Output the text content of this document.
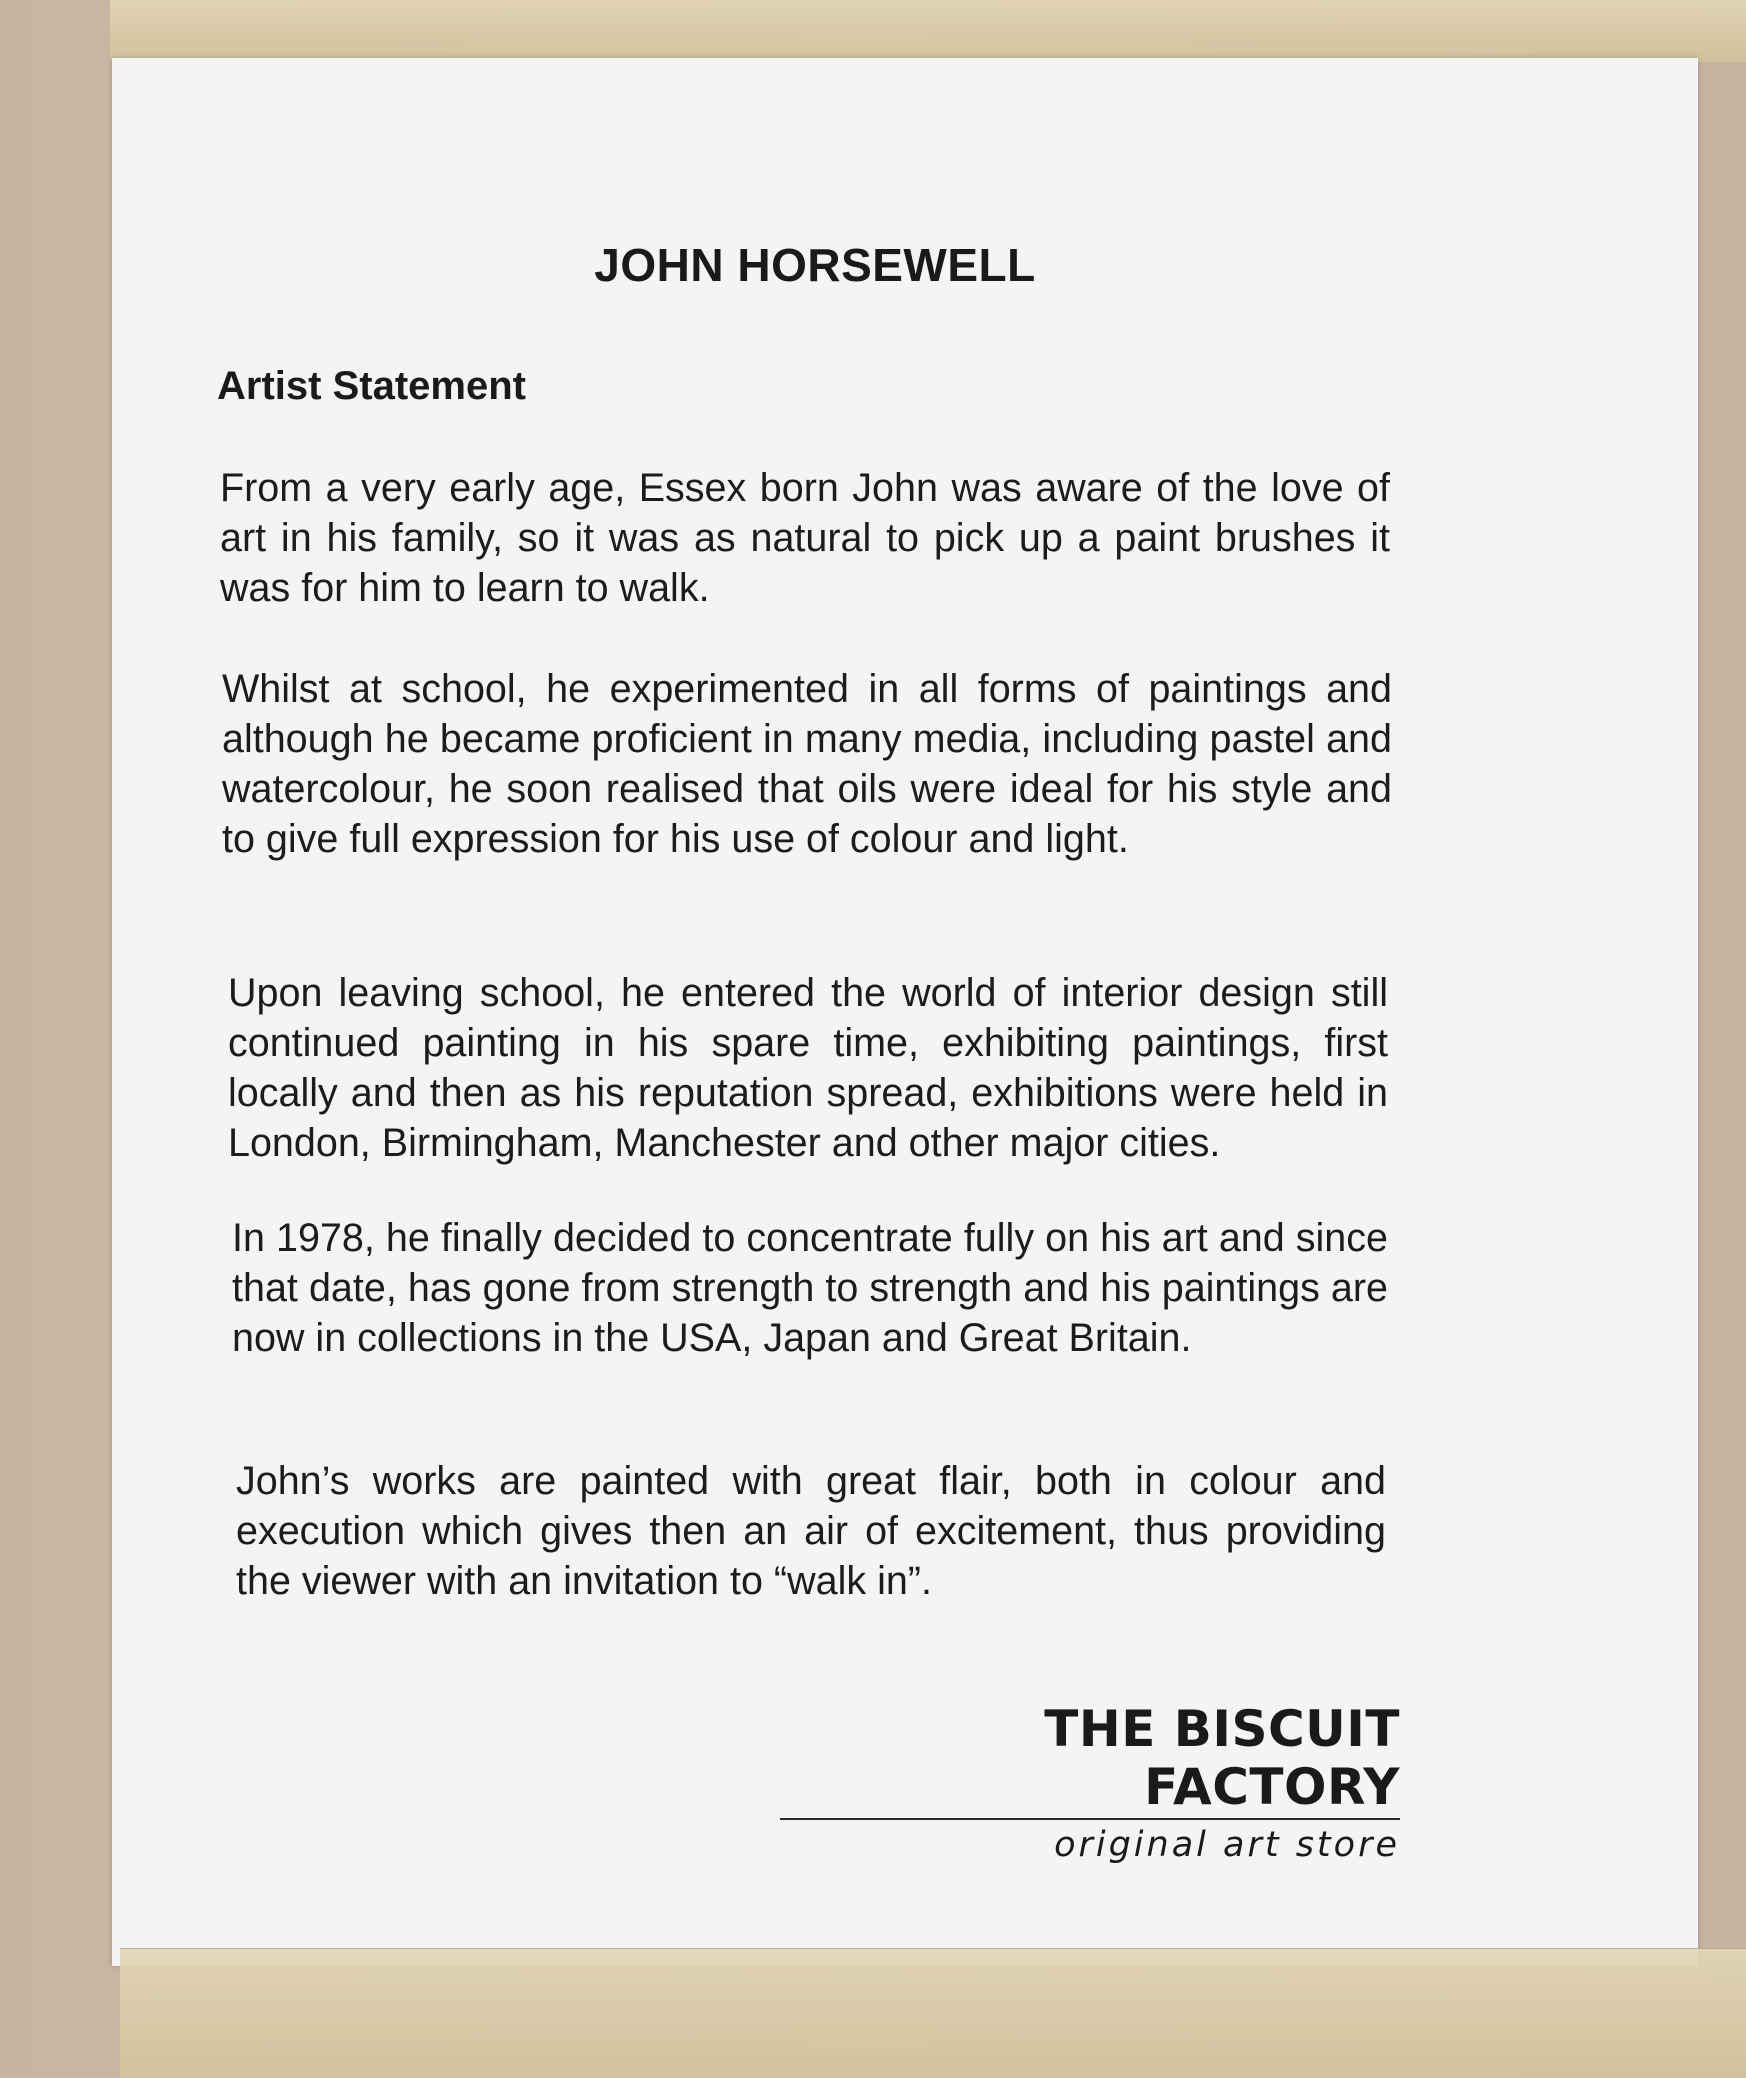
JOHN HORSEWELL
Artist Statement
From a very early age, Essex born John was aware of the love of art in his family, so it was as natural to pick up a paint brushes it was for him to learn to walk.
Whilst at school, he experimented in all forms of paintings and although he became proficient in many media, including pastel and watercolour, he soon realised that oils were ideal for his style and to give full expression for his use of colour and light.
Upon leaving school, he entered the world of interior design still continued painting in his spare time, exhibiting paintings, first locally and then as his reputation spread, exhibitions were held in London, Birmingham, Manchester and other major cities.
In 1978, he finally decided to concentrate fully on his art and since that date, has gone from strength to strength and his paintings are now in collections in the USA, Japan and Great Britain.
John’s works are painted with great flair, both in colour and execution which gives then an air of excitement, thus providing the viewer with an invitation to “walk in”.
THE BISCUIT FACTORY
original art store
